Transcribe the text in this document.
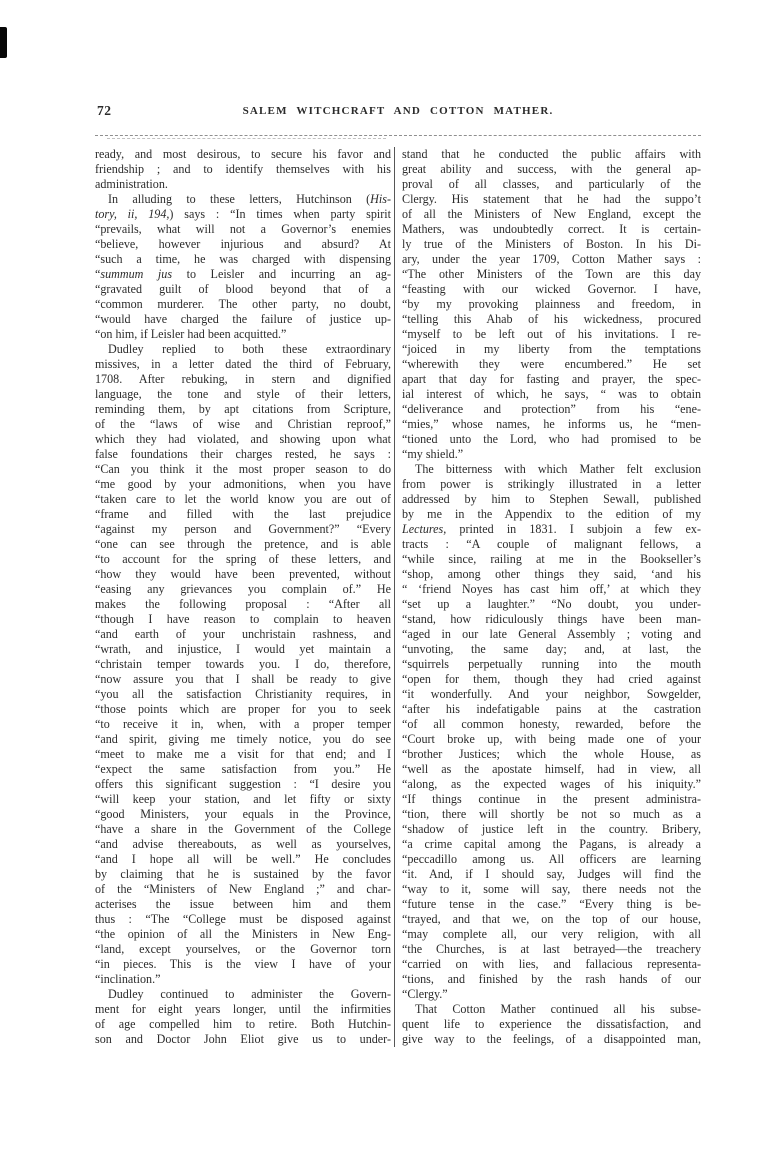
72	SALEM WITCHCRAFT AND COTTON MATHER.
ready, and most desirous, to secure his favor and
friendship ; and to identify themselves with his
administration.
In alluding to these letters, Hutchinson (His-
tory, ii, 194,) says : “In times when party spirit
“prevails, what will not a Governor’s enemies
“believe, however injurious and absurd? At
“such a time, he was charged with dispensing
“summum jus to Leisler and incurring an ag-
“gravated guilt of blood beyond that of a
“common murderer. The other party, no doubt,
“would have charged the failure of justice up-
“on him, if Leisler had been acquitted.”
Dudley replied to both these extraordinary
missives, in a letter dated the third of February,
1708. After rebuking, in stern and dignified
language, the tone and style of their letters,
reminding them, by apt citations from Scripture,
of the “laws of wise and Christian reproof,”
which they had violated, and showing upon what
false foundations their charges rested, he says :
“Can you think it the most proper season to do
“me good by your admonitions, when you have
“taken care to let the world know you are out of
“frame and filled with the last prejudice
“against my person and Government?” “Every
“one can see through the pretence, and is able
“to account for the spring of these letters, and
“how they would have been prevented, without
“easing any grievances you complain of.” He
makes the following proposal : “After all
“though I have reason to complain to heaven
“and earth of your unchristain rashness, and
“wrath, and injustice, I would yet maintain a
“christain temper towards you. I do, therefore,
“now assure you that I shall be ready to give
“you all the satisfaction Christianity requires, in
“those points which are proper for you to seek
“to receive it in, when, with a proper temper
“and spirit, giving me timely notice, you do see
“meet to make me a visit for that end; and I
“expect the same satisfaction from you.” He
offers this significant suggestion : “I desire you
“will keep your station, and let fifty or sixty
“good Ministers, your equals in the Province,
“have a share in the Government of the College
“and advise thereabouts, as well as yourselves,
“and I hope all will be well.” He concludes
by claiming that he is sustained by the favor
of the “Ministers of New England ;” and char-
acterises the issue between him and them
thus : “The “College must be disposed against
“the opinion of all the Ministers in New Eng-
“land, except yourselves, or the Governor torn
“in pieces. This is the view I have of your
“inclination.”
Dudley continued to administer the Govern-
ment for eight years longer, until the infirmities
of age compelled him to retire. Both Hutchin-
son and Doctor John Eliot give us to under-
stand that he conducted the public affairs with
great ability and success, with the general ap-
proval of all classes, and particularly of the
Clergy. His statement that he had the suppo’t
of all the Ministers of New England, except the
Mathers, was undoubtedly correct. It is certain-
ly true of the Ministers of Boston. In his Di-
ary, under the year 1709, Cotton Mather says :
“The other Ministers of the Town are this day
“feasting with our wicked Governor. I have,
“by my provoking plainness and freedom, in
“telling this Ahab of his wickedness, procured
“myself to be left out of his invitations. I re-
“joiced in my liberty from the temptations
“wherewith they were encumbered.” He set
apart that day for fasting and prayer, the spec-
ial interest of which, he says, “ was to obtain
“deliverance and protection” from his “ene-
“mies,” whose names, he informs us, he “men-
“tioned unto the Lord, who had promised to be
“my shield.”
The bitterness with which Mather felt exclusion
from power is strikingly illustrated in a letter
addressed by him to Stephen Sewall, published
by me in the Appendix to the edition of my
Lectures, printed in 1831. I subjoin a few ex-
tracts : “A couple of malignant fellows, a
“while since, railing at me in the Bookseller’s
“shop, among other things they said, ‘and his
“ ‘friend Noyes has cast him off,’ at which they
“set up a laughter.” “No doubt, you under-
“stand, how ridiculously things have been man-
“aged in our late General Assembly ; voting and
“unvoting, the same day; and, at last, the
“squirrels perpetually running into the mouth
“open for them, though they had cried against
“it wonderfully. And your neighbor, Sowgelder,
“after his indefatigable pains at the castration
“of all common honesty, rewarded, before the
“Court broke up, with being made one of your
“brother Justices; which the whole House, as
“well as the apostate himself, had in view, all
“along, as the expected wages of his iniquity.”
“If things continue in the present administra-
“tion, there will shortly be not so much as a
“shadow of justice left in the country. Bribery,
“a crime capital among the Pagans, is already a
“peccadillo among us. All officers are learning
“it. And, if I should say, Judges will find the
“way to it, some will say, there needs not the
“future tense in the case.” “Every thing is be-
“trayed, and that we, on the top of our house,
“may complete all, our very religion, with all
“the Churches, is at last betrayed—the treachery
“carried on with lies, and fallacious representa-
“tions, and finished by the rash hands of our
“Clergy.”
That Cotton Mather continued all his subse-
quent life to experience the dissatisfaction, and
give way to the feelings, of a disappointed man,
